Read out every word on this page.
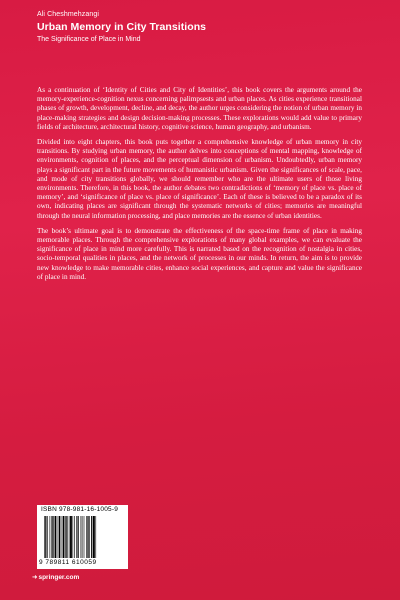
Ali Cheshmehzangi
Urban Memory in City Transitions
The Significance of Place in Mind

As a continuation of ‘Identity of Cities and City of Identities’, this book covers the arguments around the memory-experience-cognition nexus concerning palimpsests and urban places. As cities experience transitional phases of growth, development, decline, and decay, the author urges considering the notion of urban memory in place-making strategies and design decision-making processes. These explorations would add value to primary fields of architecture, architectural history, cognitive science, human geography, and urbanism.

Divided into eight chapters, this book puts together a comprehensive knowledge of urban memory in city transitions. By studying urban memory, the author delves into conceptions of mental mapping, knowledge of environments, cognition of places, and the perceptual dimension of urbanism. Undoubtedly, urban memory plays a significant part in the future movements of humanistic urbanism. Given the significances of scale, pace, and mode of city transitions globally, we should remember who are the ultimate users of those living environments. Therefore, in this book, the author debates two contradictions of ‘memory of place vs. place of memory’, and ‘significance of place vs. place of significance’. Each of these is believed to be a paradox of its own, indicating places are significant through the systematic networks of cities; memories are meaningful through the neural information processing, and place memories are the essence of urban identities.

The book’s ultimate goal is to demonstrate the effectiveness of the space-time frame of place in making memorable places. Through the comprehensive explorations of many global examples, we can evaluate the significance of place in mind more carefully. This is narrated based on the recognition of nostalgia in cities, socio-temporal qualities in places, and the network of processes in our minds. In return, the aim is to provide new knowledge to make memorable cities, enhance social experiences, and capture and value the significance of place in mind.

ISBN 978-981-16-1005-9
9 789811 610059
➜springer.com
